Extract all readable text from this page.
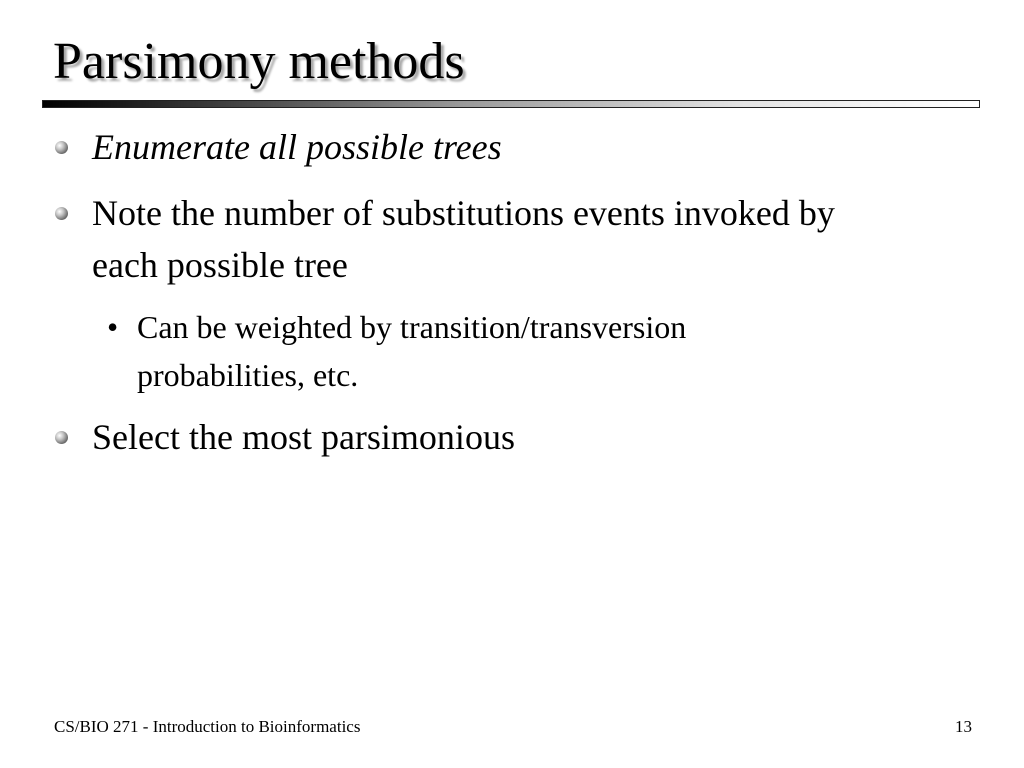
Parsimony methods
Enumerate all possible trees
Note the number of substitutions events invoked by each possible tree
• Can be weighted by transition/transversion probabilities, etc.
Select the most parsimonious
CS/BIO 271 - Introduction to Bioinformatics	13
